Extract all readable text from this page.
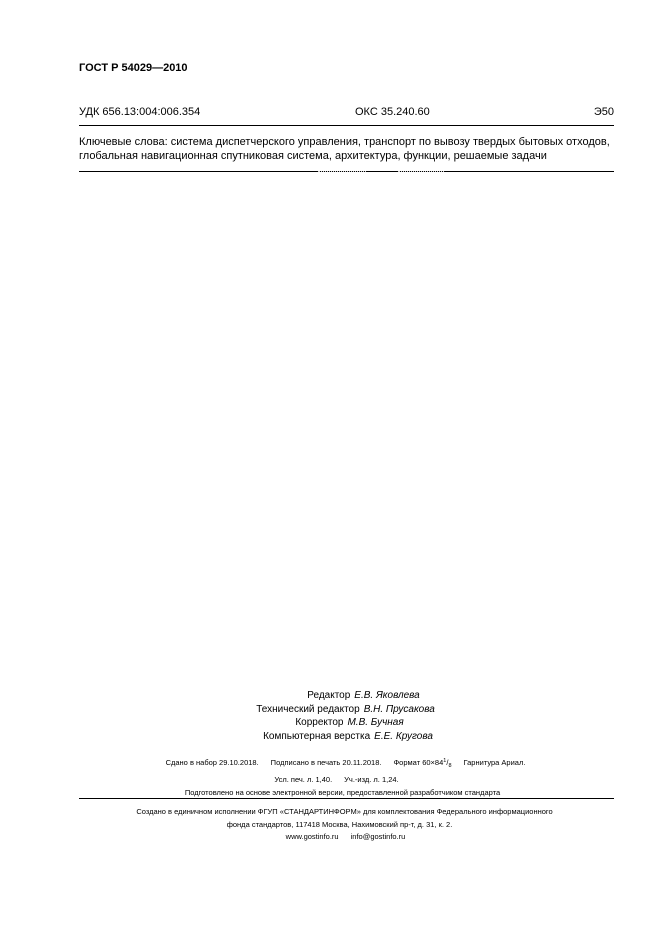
ГОСТ Р 54029—2010
УДК 656.13:004:006.354	ОКС 35.240.60	Э50
Ключевые слова: система диспетчерского управления, транспорт по вывозу твердых бытовых отходов, глобальная навигационная спутниковая система, архитектура, функции, решаемые задачи
Редактор Е.В. Яковлева
Технический редактор В.Н. Прусакова
Корректор М.В. Бучная
Компьютерная верстка Е.Е. Кругова
Сдано в набор 29.10.2018. Подписано в печать 20.11.2018. Формат $60\times 84^1/_8$ Гарнитура Ариал.
Усл. печ. л. 1,40. Уч.-изд. л. 1,24.
Подготовлено на основе электронной версии, предоставленной разработчиком стандарта
Создано в единичном исполнении ФГУП «СТАНДАРТИНФОРМ» для комплектования Федерального информационного
фонда стандартов, 117418 Москва, Нахимовский пр-т, д. 31, к. 2.
www.gostinfo.ru info@gostinfo.ru
